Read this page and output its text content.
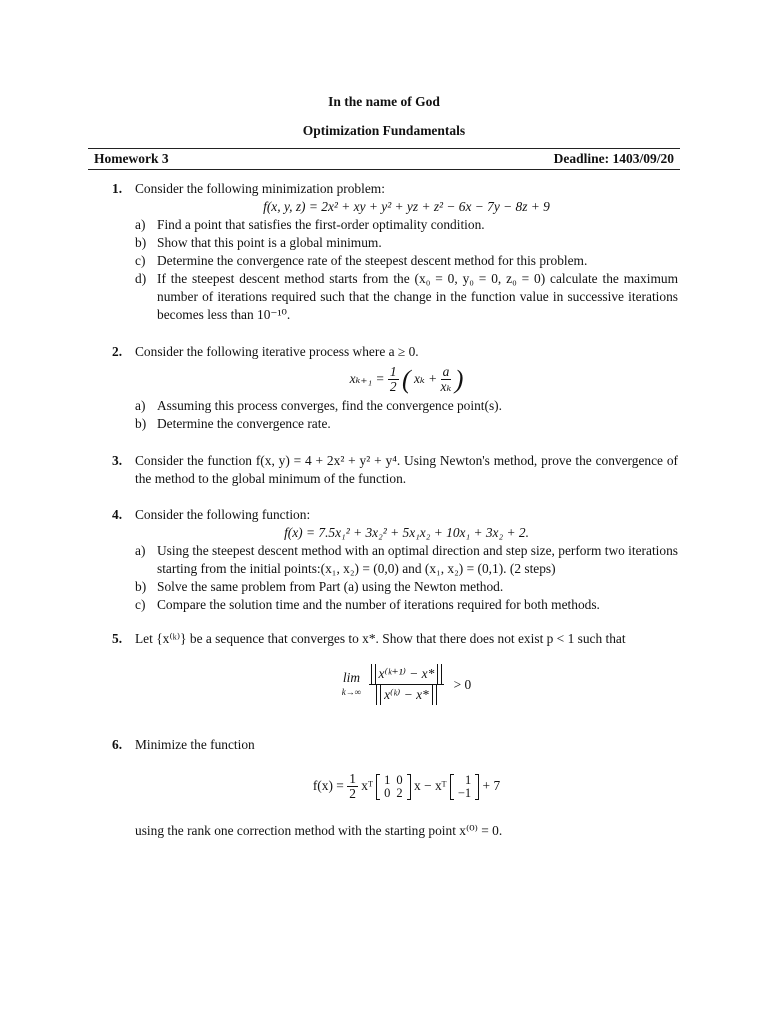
In the name of God
Optimization Fundamentals
Homework 3	Deadline: 1403/09/20
1. Consider the following minimization problem:
f(x, y, z) = 2x² + xy + y² + yz + z² − 6x − 7y − 8z + 9
a) Find a point that satisfies the first-order optimality condition.
b) Show that this point is a global minimum.
c) Determine the convergence rate of the steepest descent method for this problem.
d) If the steepest descent method starts from the (x₀ = 0, y₀ = 0, z₀ = 0) calculate the maximum number of iterations required such that the change in the function value in successive iterations becomes less than 10⁻¹⁰.
2. Consider the following iterative process where a ≥ 0.
$x_{k+1} = \frac{1}{2}$ ( $x_k + \frac{a}{\text{xₖ}}$ )
a) Assuming this process converges, find the convergence point(s).
b) Determine the convergence rate.
3. Consider the function f(x, y) = 4 + 2x² + y² + y⁴. Using Newton's method, prove the convergence of the method to the global minimum of the function.
4. Consider the following function:
f(x) = 7.5x₁² + 3x₂² + 5x₁x₂ + 10x₁ + 3x₂ + 2.
a) Using the steepest descent method with an optimal direction and step size, perform two iterations starting from the initial points:(x₁, x₂) = (0,0) and (x₁, x₂) = (0,1). (2 steps)
b) Solve the same problem from Part (a) using the Newton method.
c) Compare the solution time and the number of iterations required for both methods.
5. Let {x⁽ᵏ⁾} be a sequence that converges to x*. Show that there does not exist p < 1 such that
lim
k→∞
$\frac{\text{x⁽ᵏ⁺¹⁾ − x*}}{\text{x⁽ᵏ⁾ − x*}} > 0$
6. Minimize the function
$f(x) = \frac{1}{2}$ xᵀ 1	0
0	2 x − xᵀ 1
−1 + 7
using the rank one correction method with the starting point x⁽⁰⁾ = 0.
